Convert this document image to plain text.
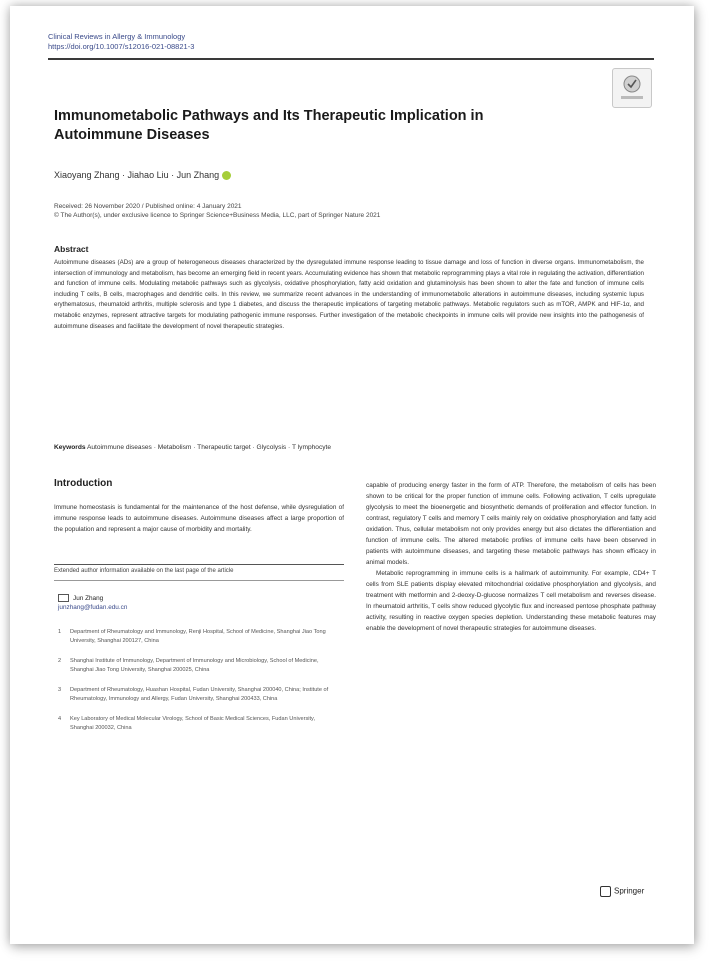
Clinical Reviews in Allergy & Immunology
https://doi.org/10.1007/s12016-021-08821-3
Immunometabolic Pathways and Its Therapeutic Implication in Autoimmune Diseases
Xiaoyang Zhang · Jiahao Liu · Jun Zhang
Received: 26 November 2020 / Published online: 4 January 2021
© The Author(s), under exclusive licence to Springer Science+Business Media, LLC, part of Springer Nature 2021
Abstract
Autoimmune diseases (ADs) are a group of heterogeneous diseases characterized by the dysregulated immune response leading to tissue damage and loss of function in diverse organs. Immunometabolism, the intersection of immunology and metabolism, has become an emerging field in recent years. Accumulating evidence has shown that metabolic reprogramming plays a vital role in regulating the activation, differentiation and function of immune cells. Modulating metabolic pathways such as glycolysis, oxidative phosphorylation, fatty acid oxidation and glutaminolysis has been shown to alter the fate and function of immune cells including T cells, B cells, macrophages and dendritic cells. In this review, we summarize recent advances in the understanding of immunometabolic alterations in autoimmune diseases, including systemic lupus erythematosus, rheumatoid arthritis, multiple sclerosis and type 1 diabetes, and discuss the therapeutic implications of targeting metabolic pathways. Metabolic regulators such as mTOR, AMPK and HIF-1α, and metabolic enzymes, represent attractive targets for modulating pathogenic immune responses. Further investigation of the metabolic checkpoints in immune cells will provide new insights into the pathogenesis of autoimmune diseases and facilitate the development of novel therapeutic strategies.
Keywords Autoimmune diseases · Metabolism · Therapeutic target · Glycolysis · T lymphocyte
Introduction
Immune homeostasis is fundamental for the maintenance of the host defense, while dysregulation of immune response leads to autoimmune diseases. Autoimmune diseases affect a large proportion of the population and represent a major cause of morbidity and mortality.
Extended author information available on the last page of the article
Jun Zhang
junzhang@fudan.edu.cn
1	Department of Rheumatology and Immunology, Renji Hospital, School of Medicine, Shanghai Jiao Tong University, Shanghai 200127, China
2	Shanghai Institute of Immunology, Department of Immunology and Microbiology, School of Medicine, Shanghai Jiao Tong University, Shanghai 200025, China
3	Department of Rheumatology, Huashan Hospital, Fudan University, Shanghai 200040, China; Institute of Rheumatology, Immunology and Allergy, Fudan University, Shanghai 200433, China
4	Key Laboratory of Medical Molecular Virology, School of Basic Medical Sciences, Fudan University, Shanghai 200032, China

capable of producing energy faster in the form of ATP. Therefore, the metabolism of cells has been shown to be critical for the proper function of immune cells. Following activation, T cells upregulate glycolysis to meet the bioenergetic and biosynthetic demands of proliferation and effector function. In contrast, regulatory T cells and memory T cells mainly rely on oxidative phosphorylation and fatty acid oxidation. Thus, cellular metabolism not only provides energy but also dictates the differentiation and function of immune cells. The altered metabolic profiles of immune cells have been observed in patients with autoimmune diseases, and targeting these metabolic pathways has shown efficacy in animal models.

Metabolic reprogramming in immune cells is a hallmark of autoimmunity. For example, CD4+ T cells from SLE patients display elevated mitochondrial oxidative phosphorylation and glycolysis, and treatment with metformin and 2-deoxy-D-glucose normalizes T cell metabolism and reverses disease. In rheumatoid arthritis, T cells show reduced glycolytic flux and increased pentose phosphate pathway activity, resulting in reactive oxygen species depletion. Understanding these metabolic features may enable the development of novel therapeutic strategies for autoimmune diseases.

Springer
